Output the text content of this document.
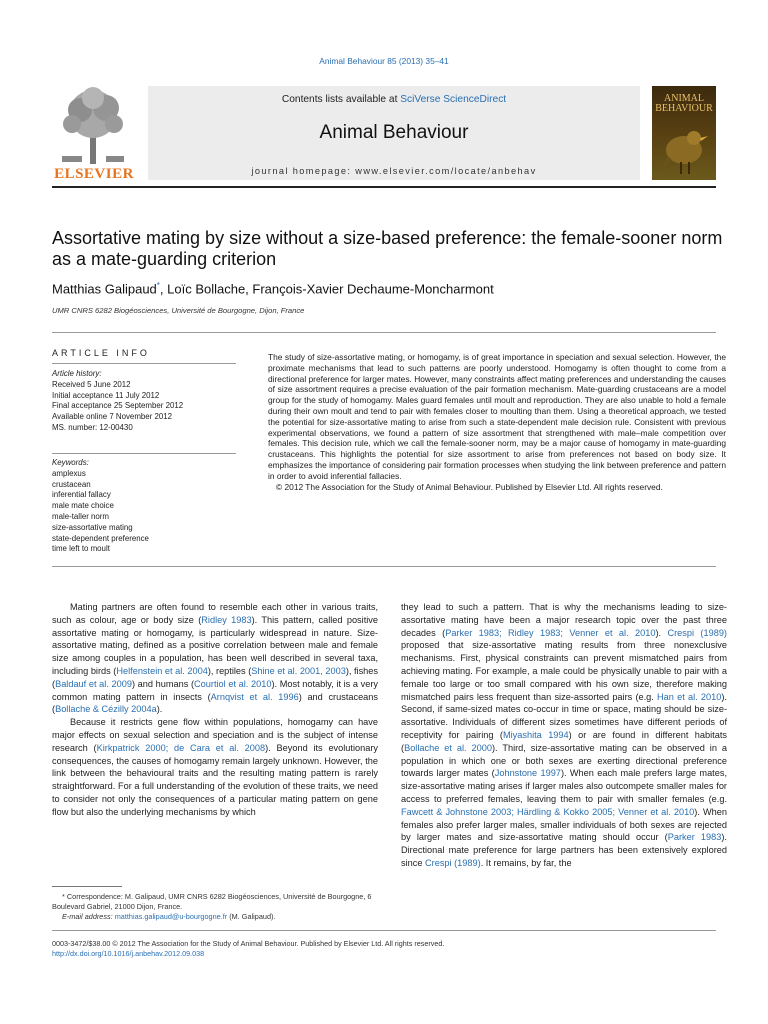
Animal Behaviour 85 (2013) 35–41
ELSEVIER
Contents lists available at SciVerse ScienceDirect
Animal Behaviour
journal homepage: www.elsevier.com/locate/anbehav
ANIMAL
BEHAVIOUR
Assortative mating by size without a size-based preference: the female-sooner norm as a mate-guarding criterion
Matthias Galipaud*, Loïc Bollache, François-Xavier Dechaume-Moncharmont
UMR CNRS 6282 Biogéosciences, Université de Bourgogne, Dijon, France
ARTICLE INFO
Article history:
Received 5 June 2012
Initial acceptance 11 July 2012
Final acceptance 25 September 2012
Available online 7 November 2012
MS. number: 12-00430
Keywords:
amplexus
crustacean
inferential fallacy
male mate choice
male-taller norm
size-assortative mating
state-dependent preference
time left to moult

The study of size-assortative mating, or homogamy, is of great importance in speciation and sexual selection. However, the proximate mechanisms that lead to such patterns are poorly understood. Homogamy is often thought to come from a directional preference for larger mates. However, many constraints affect mating preferences and understanding the causes of size assortment requires a precise evaluation of the pair formation mechanism. Mate-guarding crustaceans are a model group for the study of homogamy. Males guard females until moult and reproduction. They are also unable to hold a female during their own moult and tend to pair with females closer to moulting than them. Using a theoretical approach, we tested the potential for size-assortative mating to arise from such a state-dependent male decision rule. Consistent with previous experimental observations, we found a pattern of size assortment that strengthened with male–male competition over females. This decision rule, which we call the female-sooner norm, may be a major cause of homogamy in mate-guarding crustaceans. This highlights the potential for size assortment to arise from preferences not based on body size. It emphasizes the importance of considering pair formation processes when studying the link between preference and pattern in order to avoid inferential fallacies.

© 2012 The Association for the Study of Animal Behaviour. Published by Elsevier Ltd. All rights reserved.

Mating partners are often found to resemble each other in various traits, such as colour, age or body size (Ridley 1983). This pattern, called positive assortative mating or homogamy, is particularly widespread in nature. Size-assortative mating, defined as a positive correlation between male and female size among couples in a population, has been well described in several taxa, including birds (Helfenstein et al. 2004), reptiles (Shine et al. 2001, 2003), fishes (Baldauf et al. 2009) and humans (Courtiol et al. 2010). Most notably, it is a very common mating pattern in insects (Arnqvist et al. 1996) and crustaceans (Bollache & Cézilly 2004a).

Because it restricts gene flow within populations, homogamy can have major effects on sexual selection and speciation and is the subject of intense research (Kirkpatrick 2000; de Cara et al. 2008). Beyond its evolutionary consequences, the causes of homogamy remain largely unknown. However, the link between the behavioural traits and the resulting mating pattern is rarely straightforward. For a full understanding of the evolution of these traits, we need to consider not only the consequences of a particular mating pattern on gene flow but also the underlying mechanisms by which

they lead to such a pattern. That is why the mechanisms leading to size-assortative mating have been a major research topic over the past three decades (Parker 1983; Ridley 1983; Venner et al. 2010). Crespi (1989) proposed that size-assortative mating results from three nonexclusive mechanisms. First, physical constraints can prevent mismatched pairs from achieving mating. For example, a male could be physically unable to pair with a female too large or too small compared with his own size, therefore making mismatched pairs less frequent than size-assorted pairs (e.g. Han et al. 2010). Second, if same-sized mates co-occur in time or space, mating should be size-assortative. Individuals of different sizes sometimes have different periods of receptivity for pairing (Miyashita 1994) or are found in different habitats (Bollache et al. 2000). Third, size-assortative mating can be observed in a population in which one or both sexes are exerting directional preference towards larger mates (Johnstone 1997). When each male prefers large mates, size-assortative mating arises if larger males also outcompete smaller males for access to preferred females, leaving them to pair with smaller females (e.g. Fawcett & Johnstone 2003; Härdling & Kokko 2005; Venner et al. 2010). When females also prefer larger males, smaller individuals of both sexes are rejected by larger mates and size-assortative mating should occur (Parker 1983). Directional mate preference for large partners has been extensively explored since Crespi (1989). It remains, by far, the

* Correspondence: M. Galipaud, UMR CNRS 6282 Biogéosciences, Université de Bourgogne, 6 Boulevard Gabriel, 21000 Dijon, France.

E-mail address: matthias.galipaud@u-bourgogne.fr (M. Galipaud).

0003-3472/$38.00 © 2012 The Association for the Study of Animal Behaviour. Published by Elsevier Ltd. All rights reserved.
http://dx.doi.org/10.1016/j.anbehav.2012.09.038
